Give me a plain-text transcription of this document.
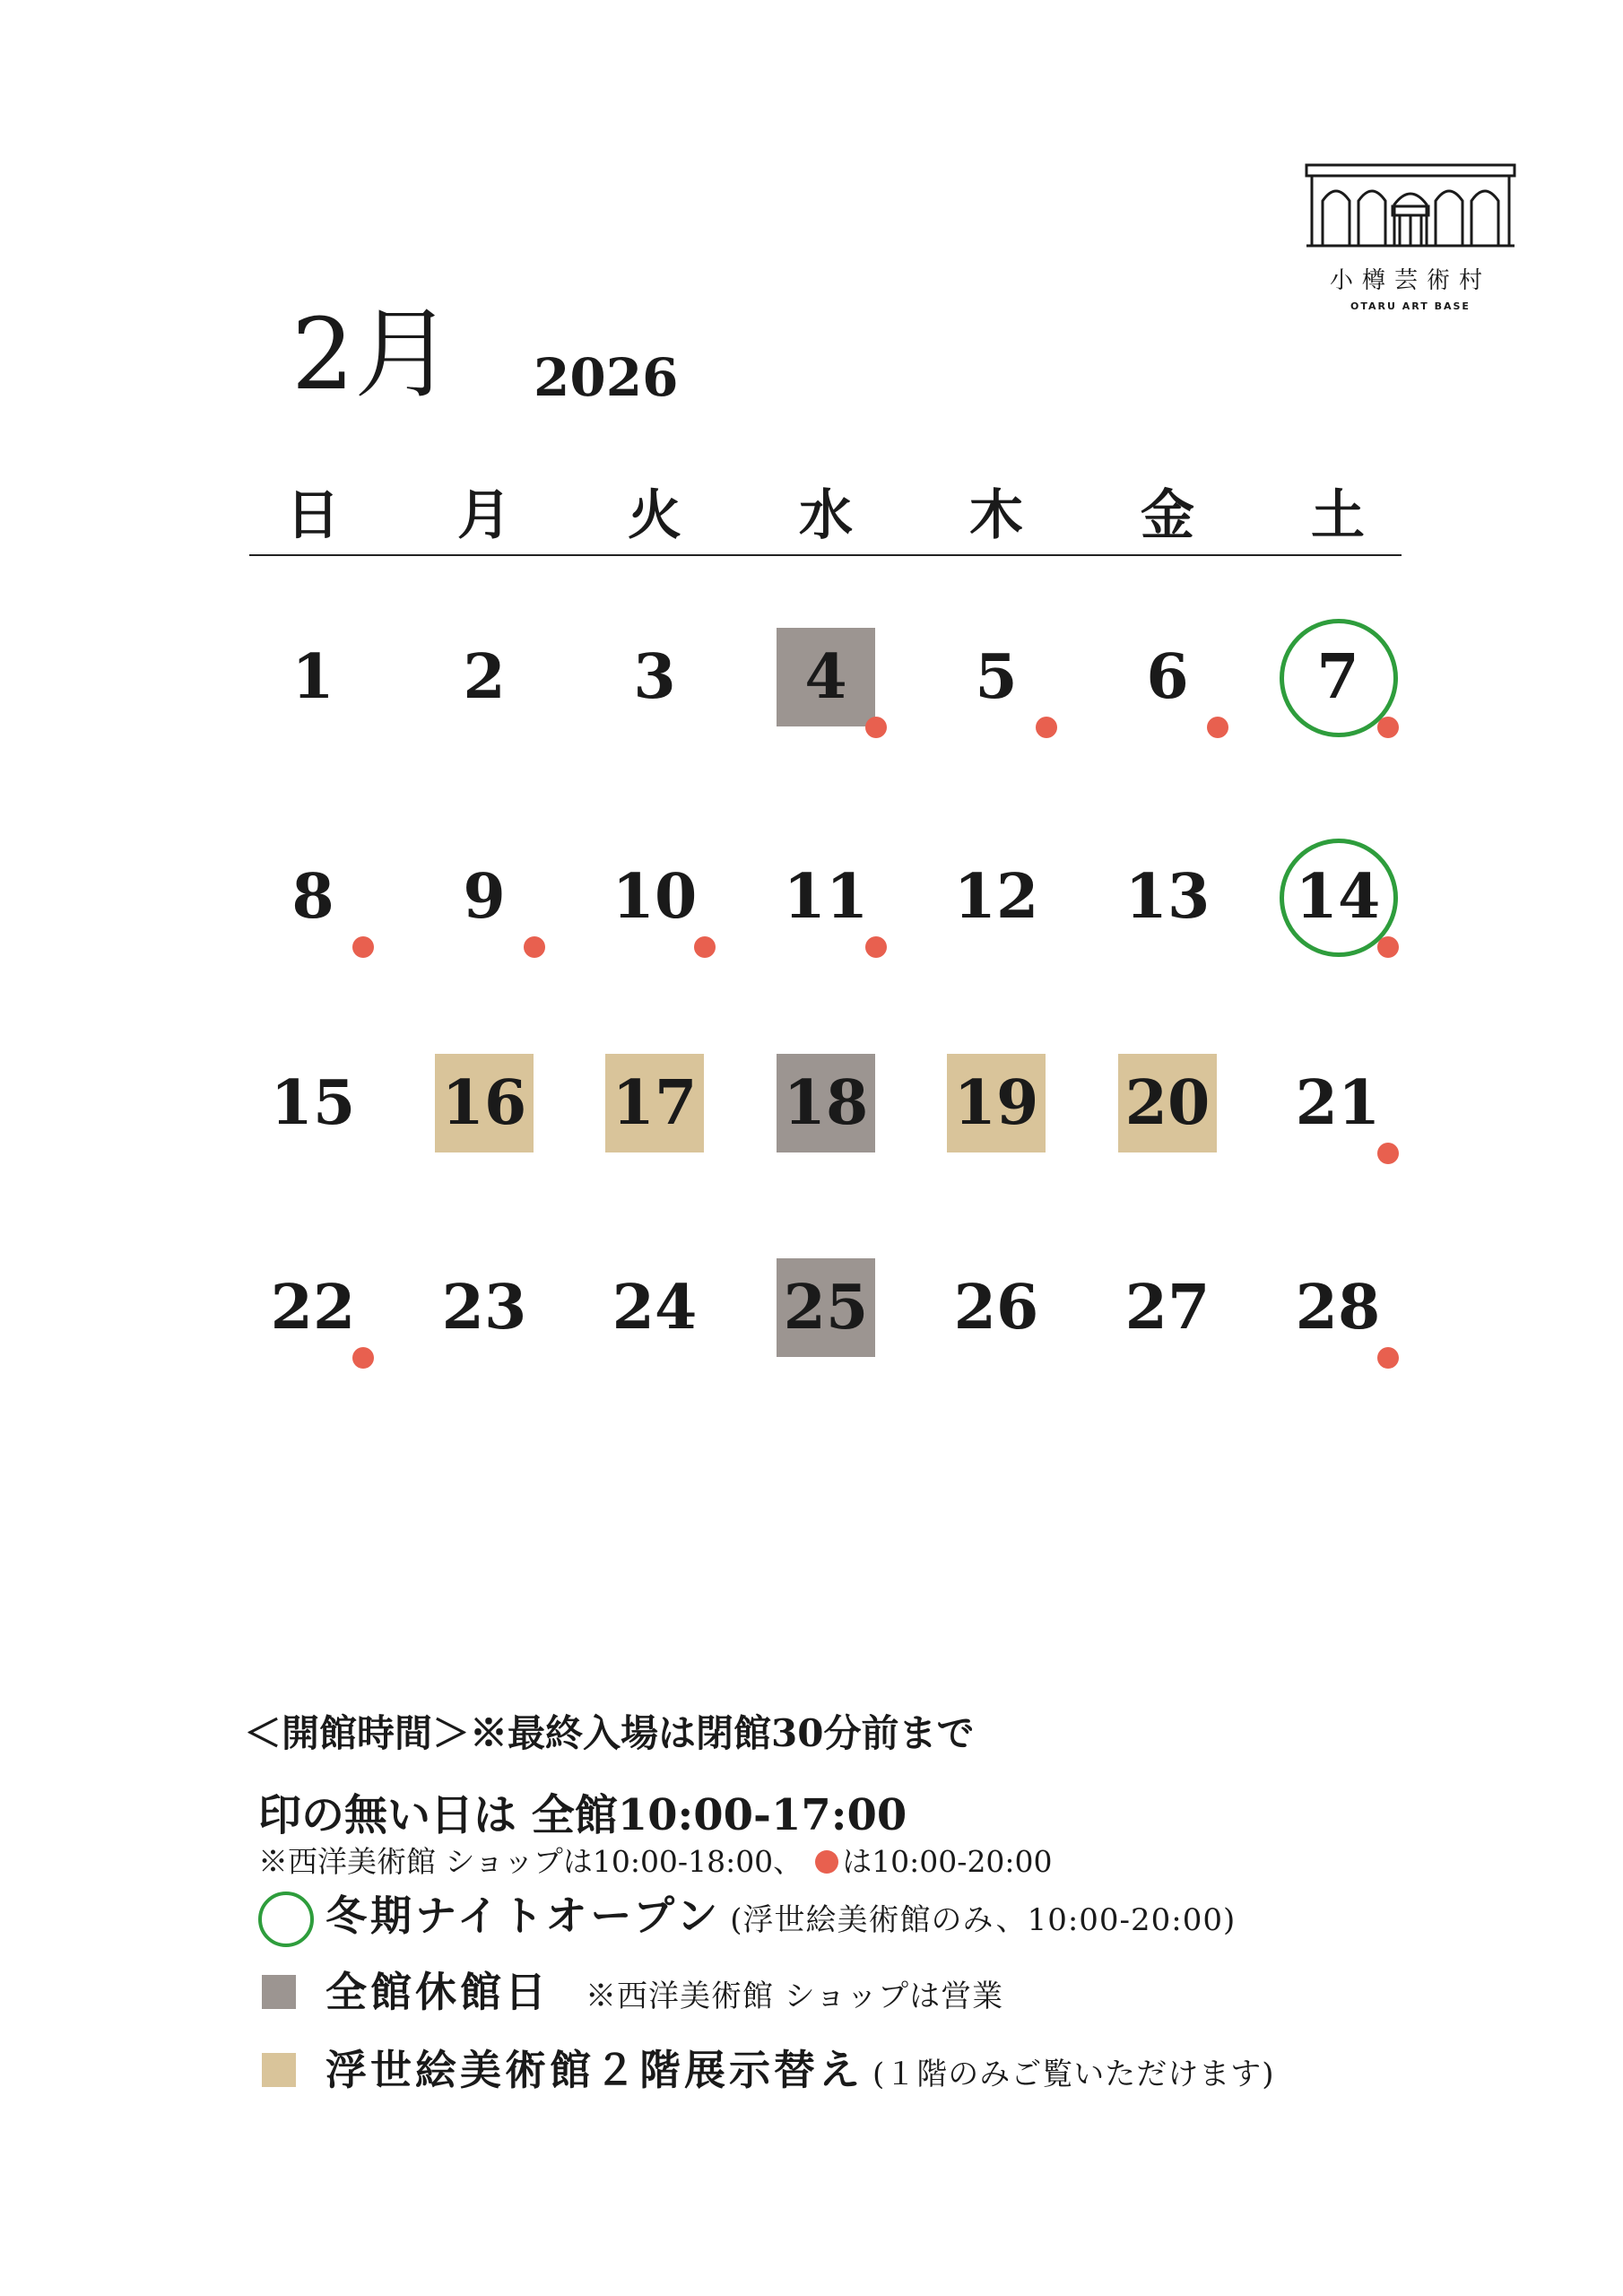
小樽芸術村
OTARU ART BASE
2月 2026
日	月	火	水	木	金	土
1	2	3	4	5	6	7
8	9	10	11	12	13	14
15	16	17	18	19	20	21
22	23	24	25	26	27	28
＜開館時間＞※最終入場は閉館30分前まで
印の無い日は 全館10:00-17:00
※西洋美術館 ショップは10:00-18:00、 は10:00-20:00
冬期ナイトオープン (浮世絵美術館のみ、10:00-20:00)
全館休館日 ※西洋美術館 ショップは営業
浮世絵美術館２階展示替え (１階のみご覧いただけます)
